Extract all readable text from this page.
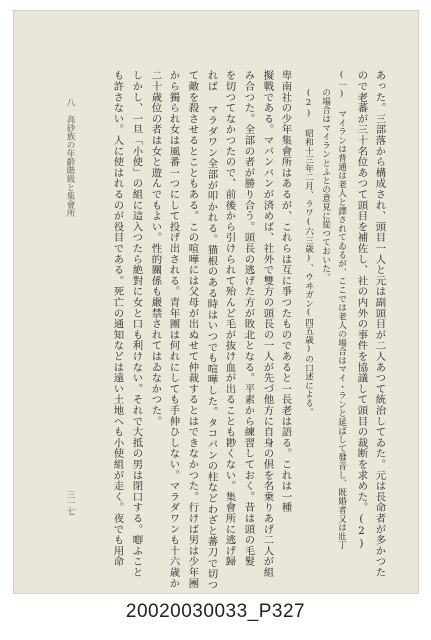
あった。三部落から構成され、頭目一人と元は副頭目が二人あつて統治してゐた。元は長命者が多かつた
ので老蕃が三十名位あつて頭目を補佐し、社の内外の事件を協議して頭目の裁断を求めた。(2)
(一) マイランは普通は老人と譯されてゐるが、ここでは老人の場合はマイ・ランと延ばして發音し、既婚者又は壯丁
の場合はマイランとふとの意見に從つておいた。
(2) 昭和十三年二月、ラワ(六三歳)、ウヰガン(四五歳)の口述による。
卑南社の少年集會所はあるが、これらは互に爭つたものであると一長老は語る。これは一種
擬戰である。マバンバンが済めば、社外で雙方の頭長の一人が先づ他方に自身の倶を名乗りあげ二人が組
み合つた。全部の者が勝り合う。頭長の逃げた方が敗北となる。平素から練習しておく。昔は頭の毛髮
を切つてなかつたので、前後から引けられて殆んど毛が抜け血が出ることも尠くない。集會所に逃げ歸
れば マラダワン全部が叩かれる。猫根のある時はいつでも喧嘩した。タコバンの柱などわざと蕃刀で切つ
て敵を殺させるとこともある。この喧嘩には父母が出ぬせて仲裁するとはできなかつた。行けば男は少年團
から獨られ女は風番一つにして投げ出される。青年團は何れにしても手伸ひしない。マラダワンも十六歳か
二十歳位の者は女と遊んでもよい。性的關係も嚴禁されてはゐなかつた。
しかし、一旦「小使」の組に這入つたら絶對に女と口も利けない。それで大抵の男は閉口する。喞ふこと
も許さない。人に使はれるのが役目である。死亡の通知などは遠い土地へも小使組が走く。夜でも用命
八　高砂族の年齡階級と集會所
三一七
20020030033_P327
